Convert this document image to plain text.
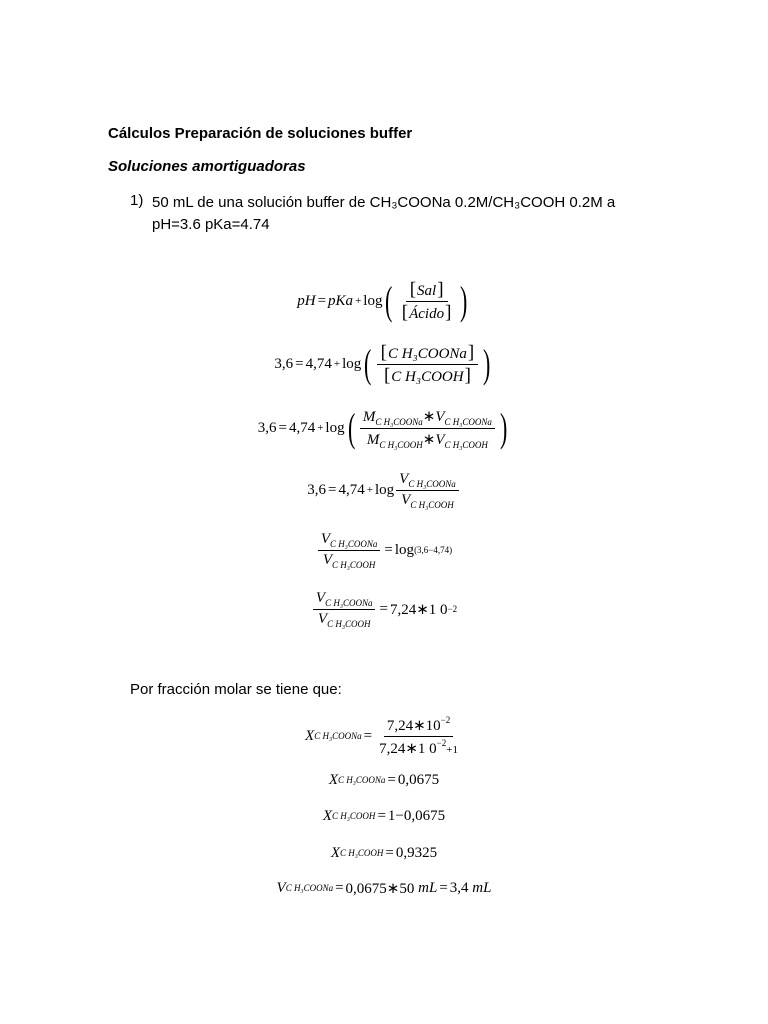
Cálculos Preparación de soluciones buffer
Soluciones amortiguadoras
1) 50 mL de una solución buffer de CH₃COONa 0.2M/CH₃COOH 0.2M a pH=3.6 pKa=4.74
pH = pKa + log ( $\frac{\text{[Sal]}}{\text{[Ácido]}}$ )
3,6 = 4,74 + log ( $\frac{\text{[C H₃COONa]}}{\text{[C H₃COOH]}}$ )
3,6 = 4,74 + log ( $\frac{M_{C H_3COONa}∗V_{C H_3COONa}}{M_{C H_3COOH}∗V_{C H_3COOH}}$ )
$3,6 = 4,74 + \log \frac{V_{C H_3COONa}}{V_{C H_3COOH}}$
$\frac{V_{C H_3COONa}}{V_{C H_3COOH}} = \log (3,6-4,74)$
$\frac{V_{C H_3COONa}}{V_{C H_3COOH}}$ = 7,24∗1 0 −2
Por fracción molar se tiene que:
X C H₃COONa = $\frac{7,24∗10^{-2}}{7,24∗1 0^{-2}+1}$
X C H₃COONa = 0,0675
X C H₃COOH = 1−0,0675
X C H₃COOH = 0,9325
V C H₃COONa = 0,0675∗50
mL = 3,4
mL
